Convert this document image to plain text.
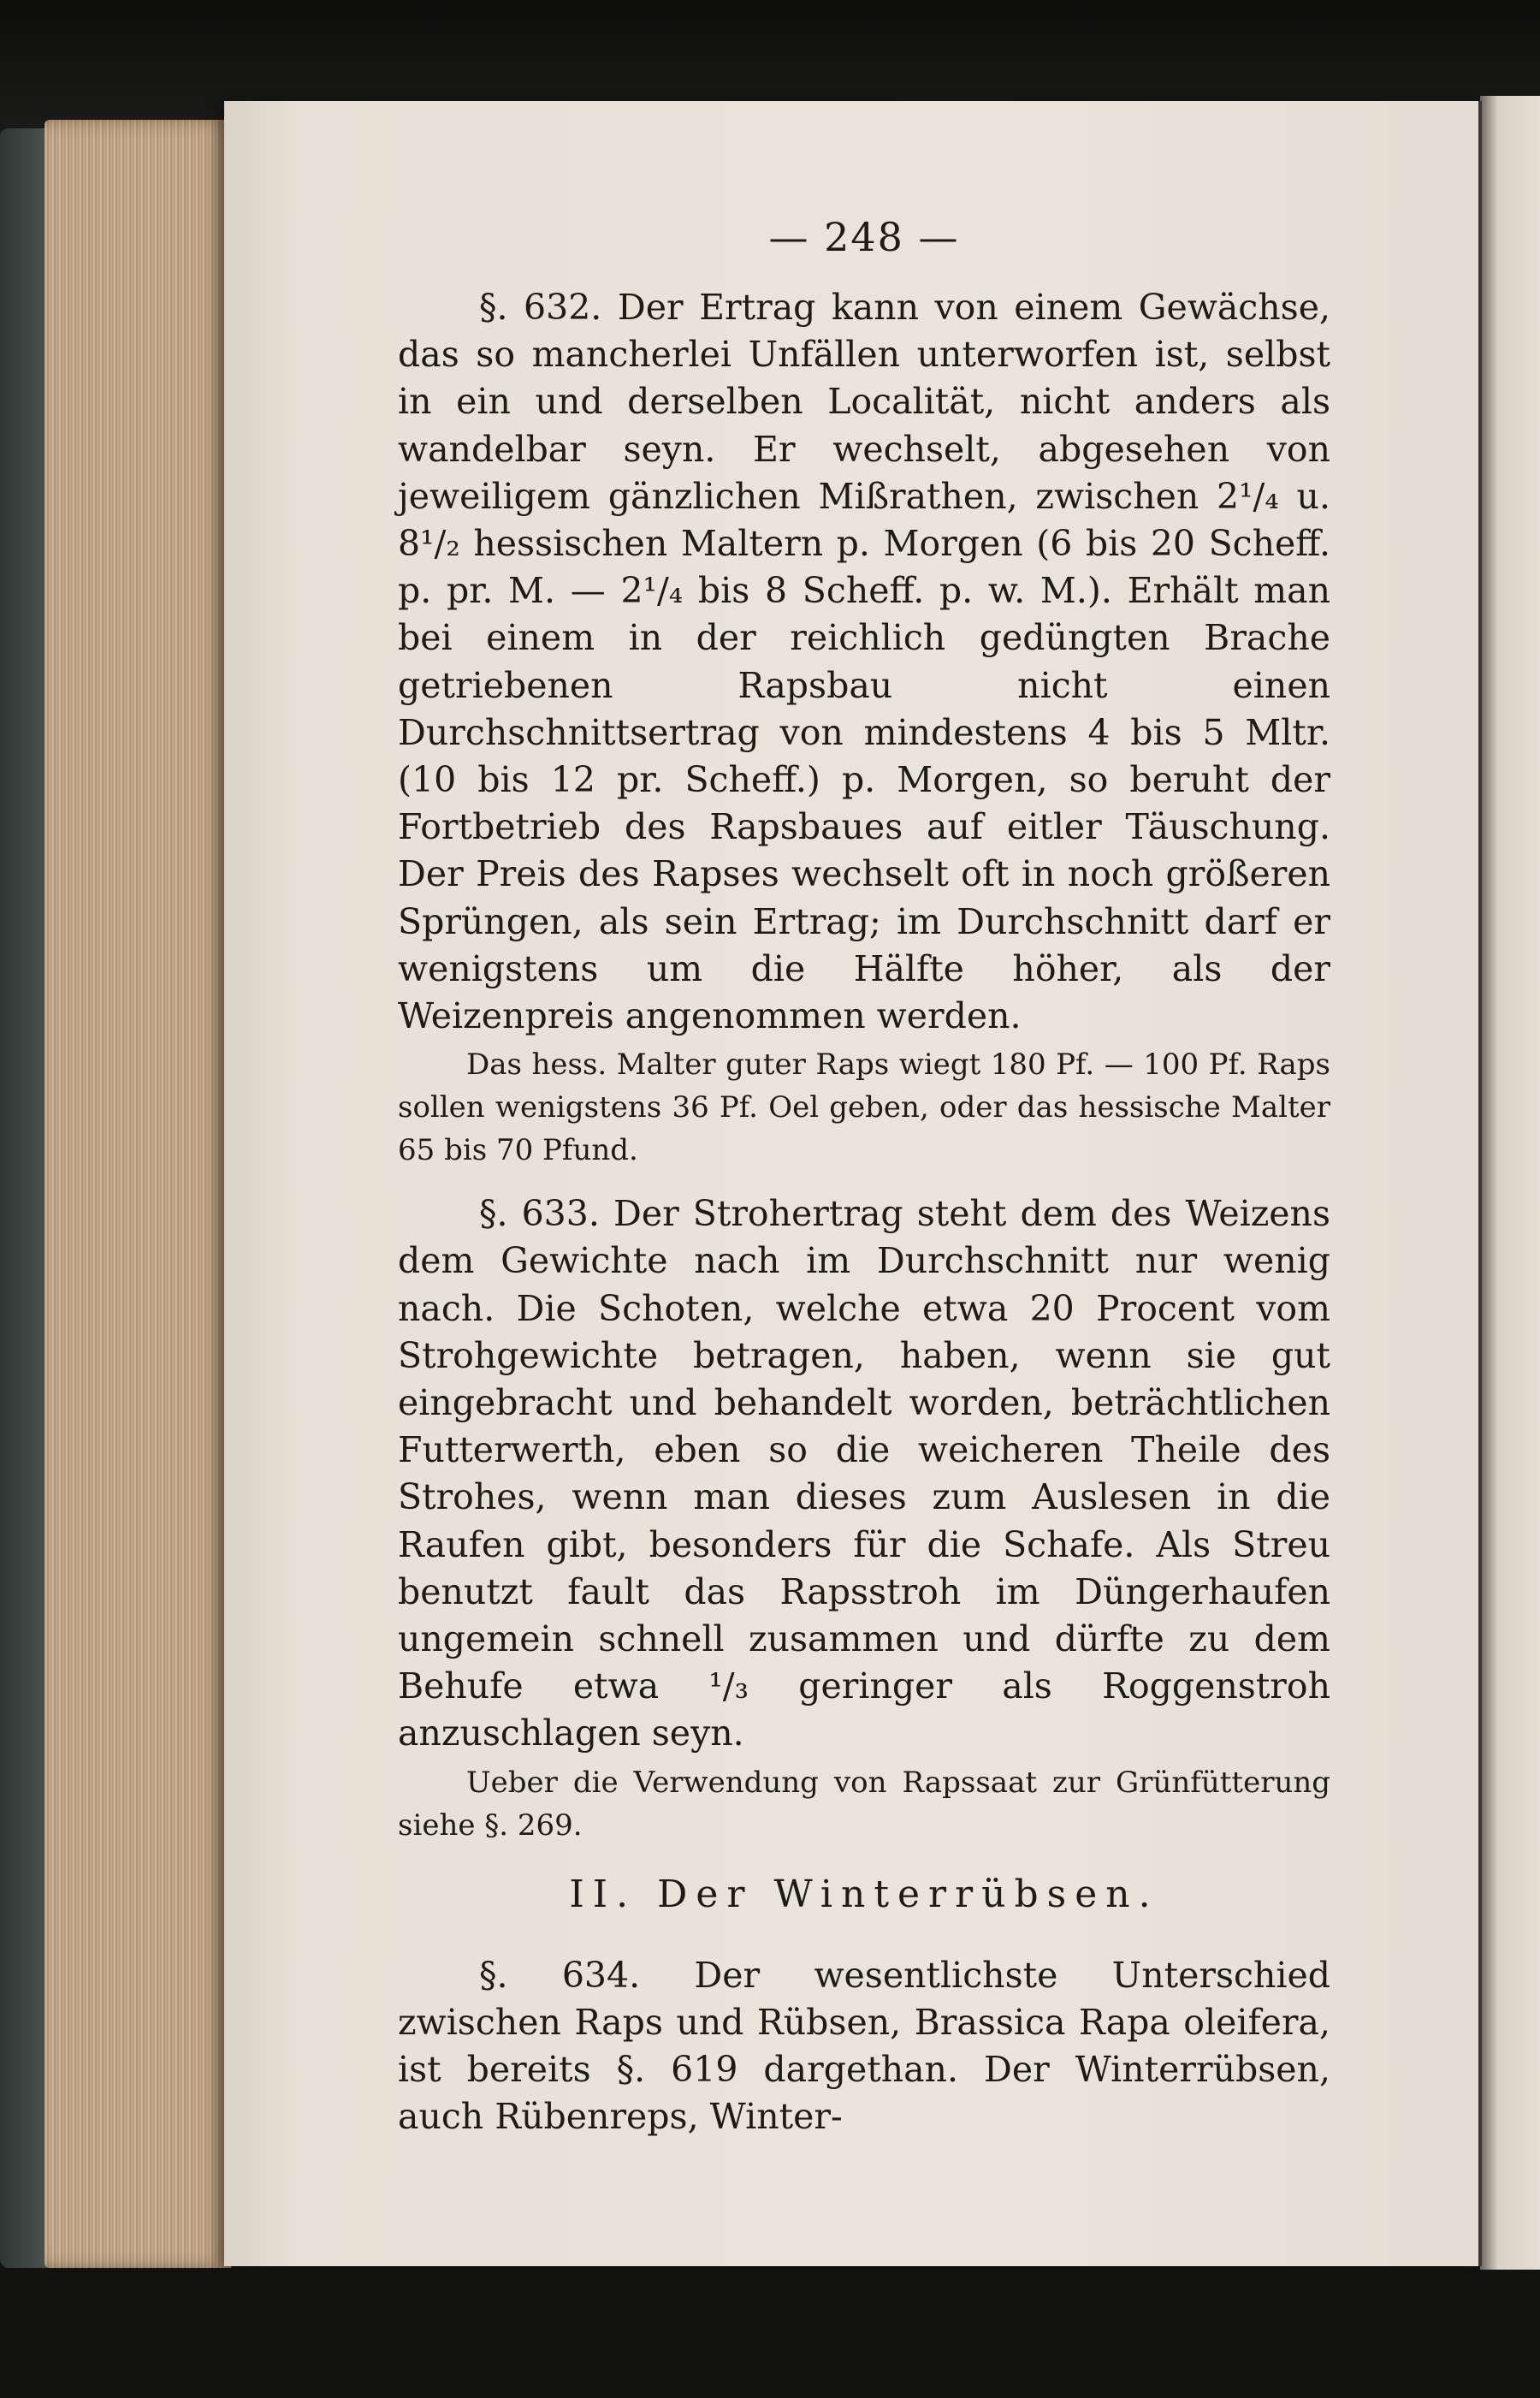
— 248 —

§. 632. Der Ertrag kann von einem Gewächse, das so mancherlei Unfällen unterworfen ist, selbst in ein und derselben Localität, nicht anders als wandelbar seyn. Er wechselt, abgesehen von jeweiligem gänzlichen Mißrathen, zwischen 2¹/₄ u. 8¹/₂ hessischen Maltern p. Morgen (6 bis 20 Scheff. p. pr. M. — 2¹/₄ bis 8 Scheff. p. w. M.). Erhält man bei einem in der reichlich gedüngten Brache getriebenen Rapsbau nicht einen Durchschnittsertrag von mindestens 4 bis 5 Mltr. (10 bis 12 pr. Scheff.) p. Morgen, so beruht der Fortbetrieb des Rapsbaues auf eitler Täuschung. Der Preis des Rapses wechselt oft in noch größeren Sprüngen, als sein Ertrag; im Durchschnitt darf er wenigstens um die Hälfte höher, als der Weizenpreis angenommen werden.

Das hess. Malter guter Raps wiegt 180 Pf. — 100 Pf. Raps sollen wenigstens 36 Pf. Oel geben, oder das hessische Malter 65 bis 70 Pfund.

§. 633. Der Strohertrag steht dem des Weizens dem Gewichte nach im Durchschnitt nur wenig nach. Die Schoten, welche etwa 20 Procent vom Strohgewichte betragen, haben, wenn sie gut eingebracht und behandelt worden, beträchtlichen Futterwerth, eben so die weicheren Theile des Strohes, wenn man dieses zum Auslesen in die Raufen gibt, besonders für die Schafe. Als Streu benutzt fault das Rapsstroh im Düngerhaufen ungemein schnell zusammen und dürfte zu dem Behufe etwa ¹/₃ geringer als Roggenstroh anzuschlagen seyn.

Ueber die Verwendung von Rapssaat zur Grünfütterung siehe §. 269.

II. Der Winterrübsen.

§. 634. Der wesentlichste Unterschied zwischen Raps und Rübsen, Brassica Rapa oleifera, ist bereits §. 619 dargethan. Der Winterrübsen, auch Rübenreps, Winter-
